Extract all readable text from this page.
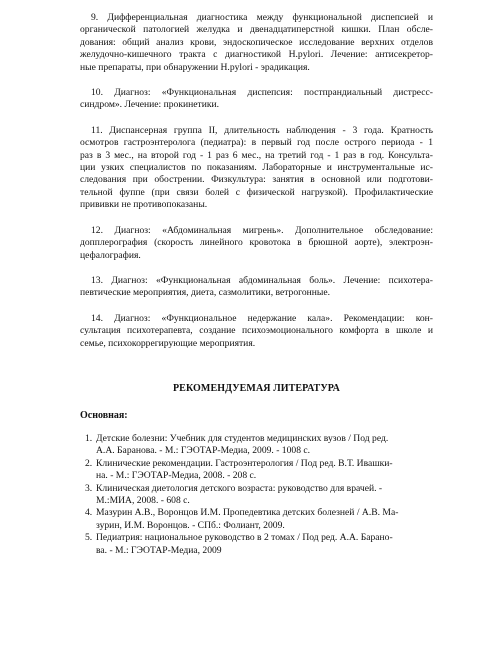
9. Дифференциальная диагностика между функциональной диспепсией и
органической патологией желудка и двенадцатиперстной кишки. План обсле-
дования: общий анализ крови, эндоскопическое исследование верхних отделов
желудочно-кишечного тракта с диагностикой H.pylori. Лечение: антисекретор-
ные препараты, при обнаружении H.pylori - эрадикация.
10. Диагноз: «Функциональная диспепсия: постпрандиальный дистресс-
синдром». Лечение: прокинетики.
11. Диспансерная группа II, длительность наблюдения - 3 года. Кратность
осмотров гастроэнтеролога (педиатра): в первый год после острого периода - 1
раз в 3 мес., на второй год - 1 раз 6 мес., на третий год - 1 раз в год. Консульта-
ции узких специалистов по показаниям. Лабораторные и инструментальные ис-
следования при обострении. Физкультура: занятия в основной или подготови-
тельной фуппе (при связи болей с физической нагрузкой). Профилактические
прививки не противопоказаны.
12. Диагноз: «Абдоминальная мигрень». Дополнительное обследование:
допплерография (скорость линейного кровотока в брюшной аорте), электроэн-
цефалография.
13. Диагноз: «Функциональная абдоминальная боль». Лечение: психотера-
певтические мероприятия, диета, сазмолитики, ветрогонные.
14. Диагноз: «Функциональное недержание кала». Рекомендации: кон-
сультация психотерапевта, создание психоэмоционального комфорта в школе и
семье, психокоррегирующие мероприятия.
РЕКОМЕНДУЕМАЯ ЛИТЕРАТУРА
Основная:
1. Детские болезни: Учебник для студентов медицинских вузов / Под ред.
А.А. Баранова. - М.: ГЭОТАР-Медиа, 2009. - 1008 с.
2. Клинические рекомендации. Гастроэнтерология / Под ред. В.Т. Ивашки-
на. - М.: ГЭОТАР-Медиа, 2008. - 208 с.
3. Клиническая диетология детского возраста: руководство для врачей. -
М.:МИА, 2008. - 608 с.
4. Мазурин А.В., Воронцов И.М. Пропедевтика детских болезней / А.В. Ма-
зурин, И.М. Воронцов. - СПб.: Фолиант, 2009.
5. Педиатрия: национальное руководство в 2 томах / Под ред. А.А. Барано-
ва. - М.: ГЭОТАР-Медиа, 2009
